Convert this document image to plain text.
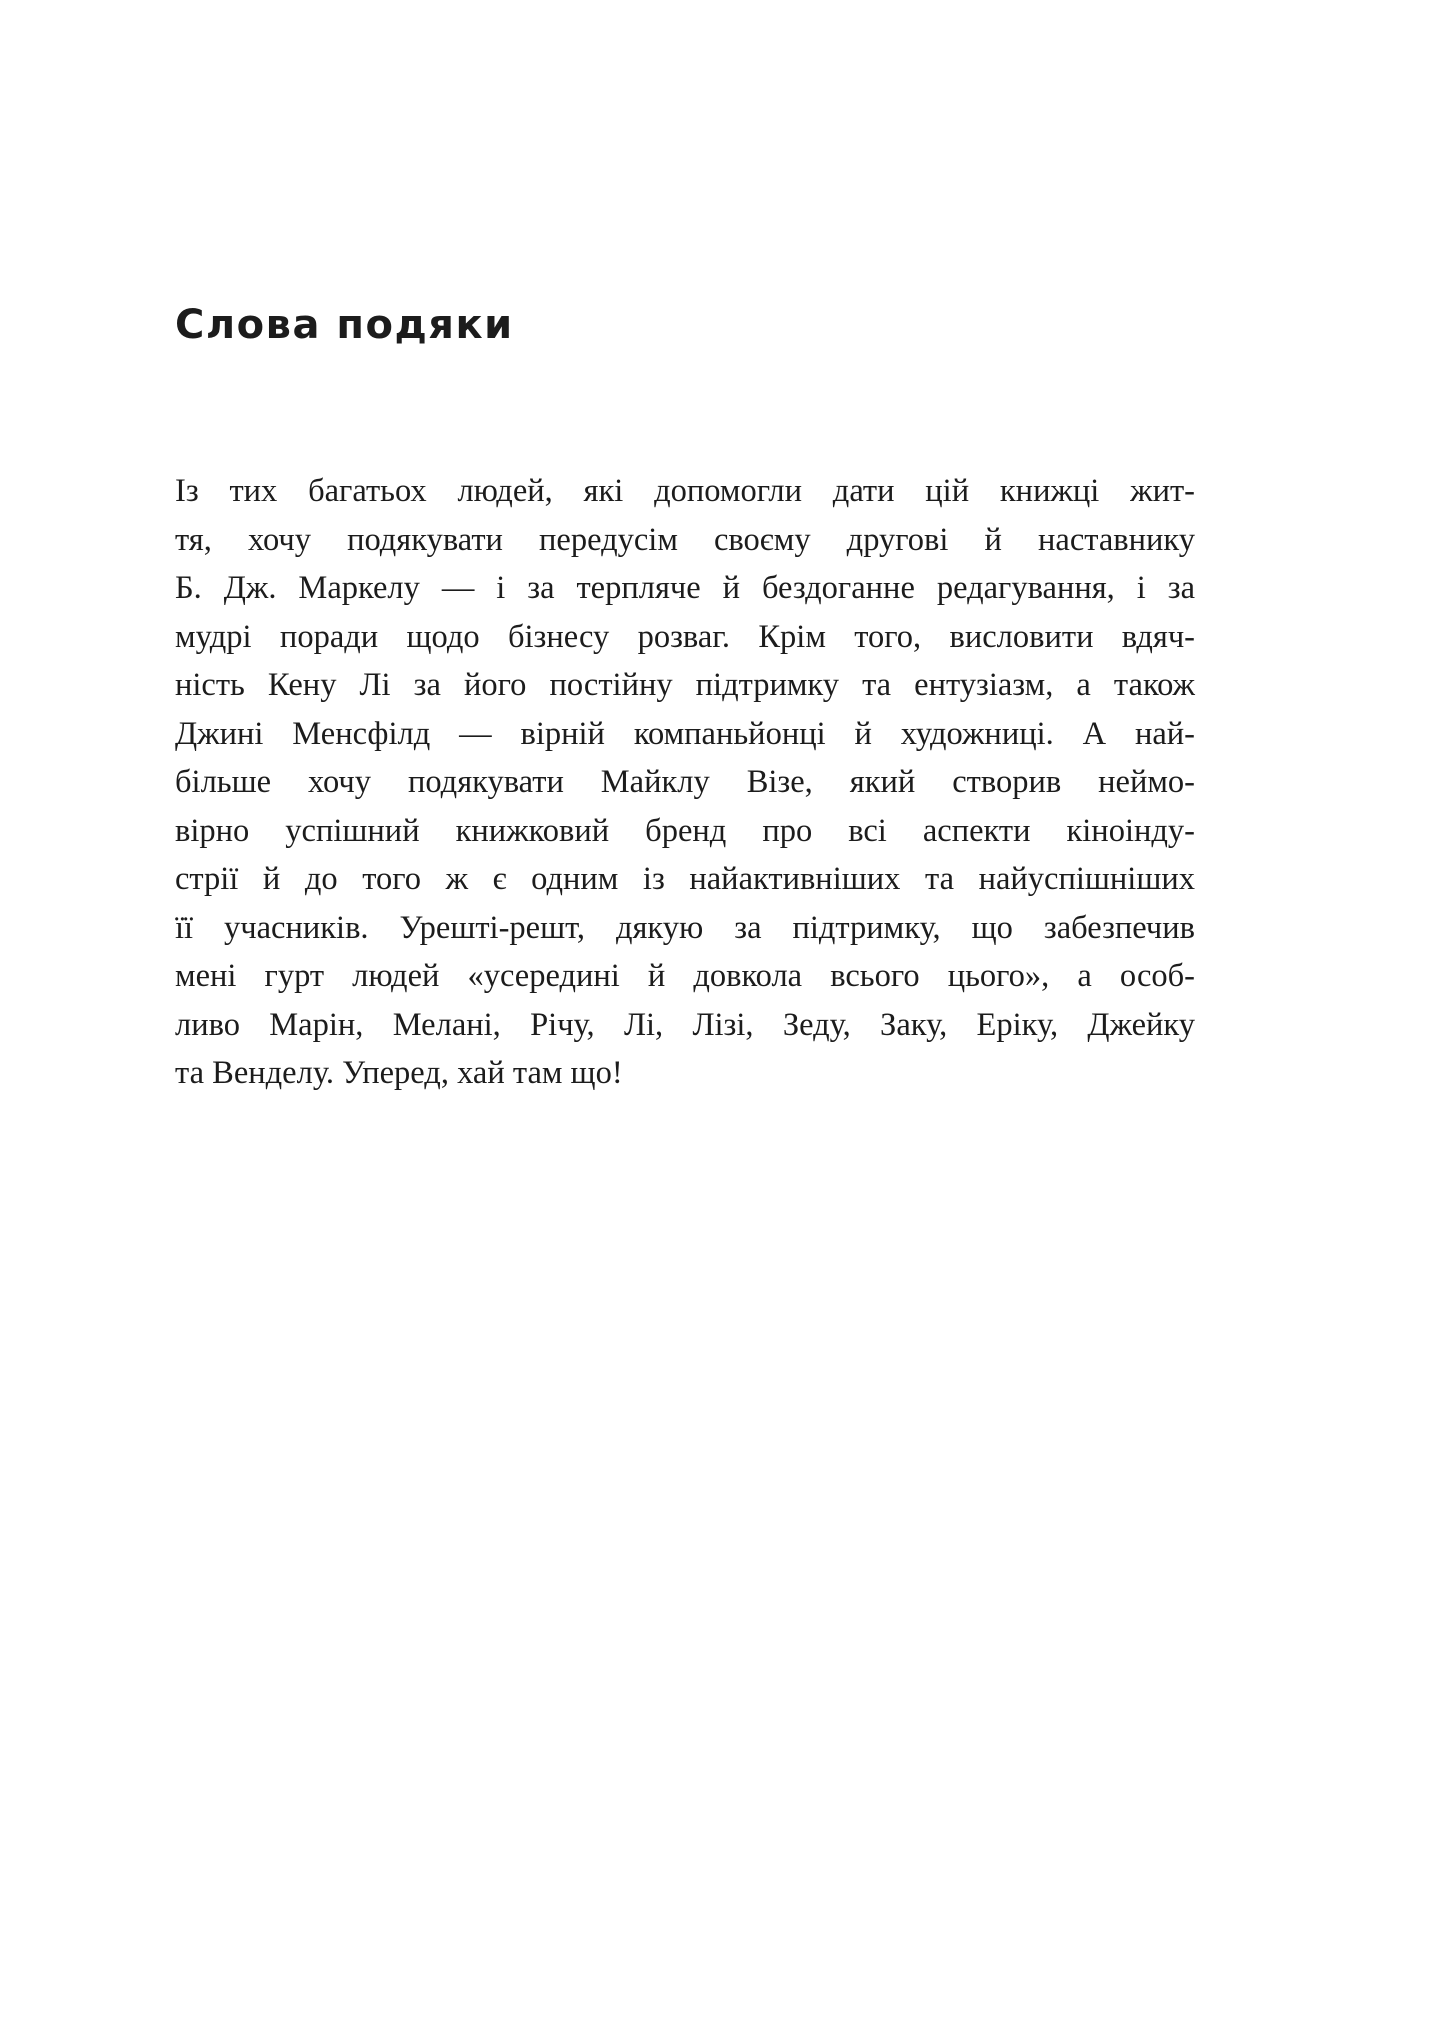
Слова подяки
Із тих багатьох людей, які допомогли дати цій книжці жит-
тя, хочу подякувати передусім своєму другові й наставнику
Б. Дж. Маркелу — і за терпляче й бездоганне редагування, і за
мудрі поради щодо бізнесу розваг. Крім того, висловити вдяч-
ність Кену Лі за його постійну підтримку та ентузіазм, а також
Джині Менсфілд — вірній компаньйонці й художниці. А най-
більше хочу подякувати Майклу Візе, який створив неймо-
вірно успішний книжковий бренд про всі аспекти кіноінду-
стрії й до того ж є одним із найактивніших та найуспішніших
її учасників. Урешті-решт, дякую за підтримку, що забезпечив
мені гурт людей «усередині й довкола всього цього», а особ-
ливо Марін, Мелані, Річу, Лі, Лізі, Зеду, Заку, Еріку, Джейку
та Венделу. Уперед, хай там що!
